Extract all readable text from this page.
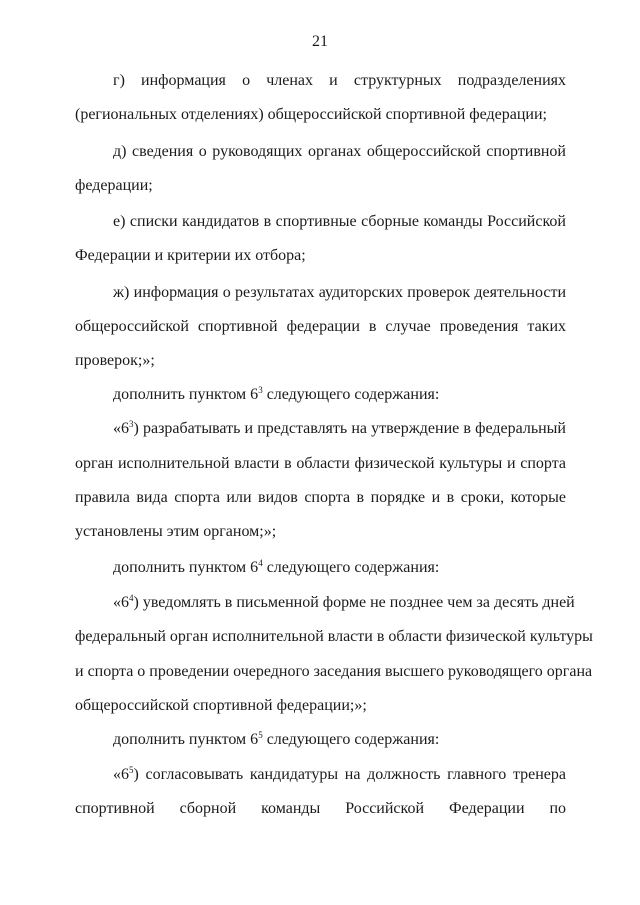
21
г) информация о членах и структурных подразделениях
(региональных отделениях) общероссийской спортивной федерации;
д) сведения о руководящих органах общероссийской спортивной
федерации;
е) списки кандидатов в спортивные сборные команды Российской
Федерации и критерии их отбора;
ж) информация о результатах аудиторских проверок деятельности
общероссийской спортивной федерации в случае проведения таких
проверок;»;
дополнить пунктом $6^3$ следующего содержания:
«$6^3$) разрабатывать и представлять на утверждение в федеральный
орган исполнительной власти в области физической культуры и спорта
правила вида спорта или видов спорта в порядке и в сроки, которые
установлены этим органом;»;
дополнить пунктом $6^4$ следующего содержания:
«$6^4$) уведомлять в письменной форме не позднее чем за десять дней
федеральный орган исполнительной власти в области физической культуры
и спорта о проведении очередного заседания высшего руководящего органа
общероссийской спортивной федерации;»;
дополнить пунктом $6^5$ следующего содержания:
«$6^5$) согласовывать кандидатуры на должность главного тренера
спортивной сборной команды Российской Федерации по
